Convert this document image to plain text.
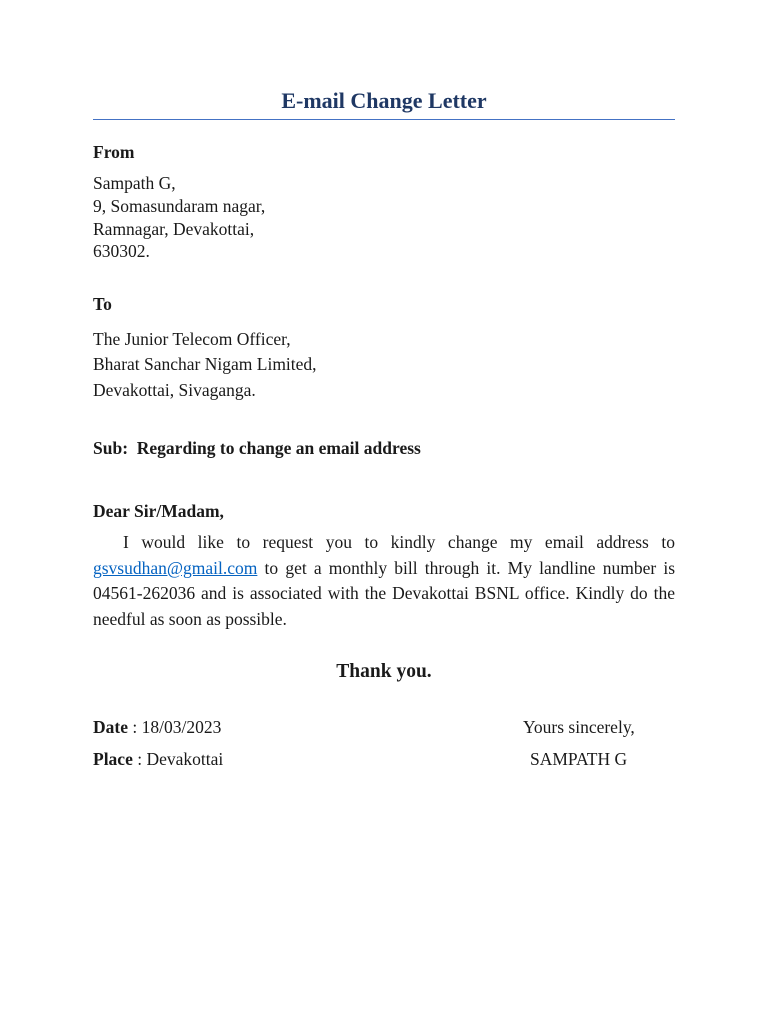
E-mail Change Letter
From
Sampath G,
9, Somasundaram nagar,
Ramnagar, Devakottai,
630302.
To
The Junior Telecom Officer,
Bharat Sanchar Nigam Limited,
Devakottai, Sivaganga.
Sub:  Regarding to change an email address
Dear Sir/Madam,
I would like to request you to kindly change my email address to gsvsudhan@gmail.com to get a monthly bill through it. My landline number is 04561-262036 and is associated with the Devakottai BSNL office. Kindly do the needful as soon as possible.
Thank you.
Date : 18/03/2023
Place : Devakottai
Yours sincerely,
SAMPATH G
